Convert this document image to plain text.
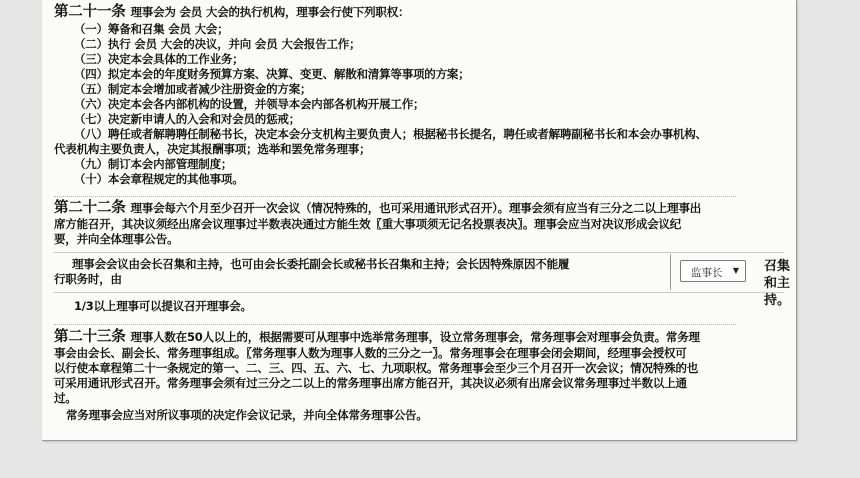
第二十一条 理事会为 会员 大会的执行机构，理事会行使下列职权：
（一）筹备和召集 会员 大会；
（二）执行 会员 大会的决议，并向 会员 大会报告工作；
（三）决定本会具体的工作业务；
（四）拟定本会的年度财务预算方案、决算、变更、解散和清算等事项的方案；
（五）制定本会增加或者减少注册资金的方案；
（六）决定本会各内部机构的设置，并领导本会内部各机构开展工作；
（七）决定新申请人的入会和对会员的惩戒；
（八）聘任或者解聘聘任制秘书长，决定本会分支机构主要负责人；根据秘书长提名，聘任或者解聘副秘书长和本会办事机构、
代表机构主要负责人，决定其报酬事项；选举和罢免常务理事；
（九）制订本会内部管理制度；
（十）本会章程规定的其他事项。
第二十二条 理事会每六个月至少召开一次会议（情况特殊的，也可采用通讯形式召开）。理事会须有应当有三分之二以上理事出
席方能召开，其决议须经出席会议理事过半数表决通过方能生效〖重大事项须无记名投票表决〗。理事会应当对决议形成会议纪
要，并向全体理事公告。
理事会会议由会长召集和主持，也可由会长委托副会长或秘书长召集和主持；会长因特殊原因不能履
行职务时，由	监事长 ▼ 召集和主
持。
1/3以上理事可以提议召开理事会。
第二十三条 理事人数在50人以上的，根据需要可从理事中选举常务理事，设立常务理事会，常务理事会对理事会负责。常务理
事会由会长、副会长、常务理事组成。〖常务理事人数为理事人数的三分之一〗。常务理事会在理事会闭会期间，经理事会授权可
以行使本章程第二十一条规定的第一、二、三、四、五、六、七、九项职权。常务理事会至少三个月召开一次会议；情况特殊的也
可采用通讯形式召开。常务理事会须有过三分之二以上的常务理事出席方能召开，其决议必须有出席会议常务理事过半数以上通
过。
常务理事会应当对所议事项的决定作会议记录，并向全体常务理事公告。
